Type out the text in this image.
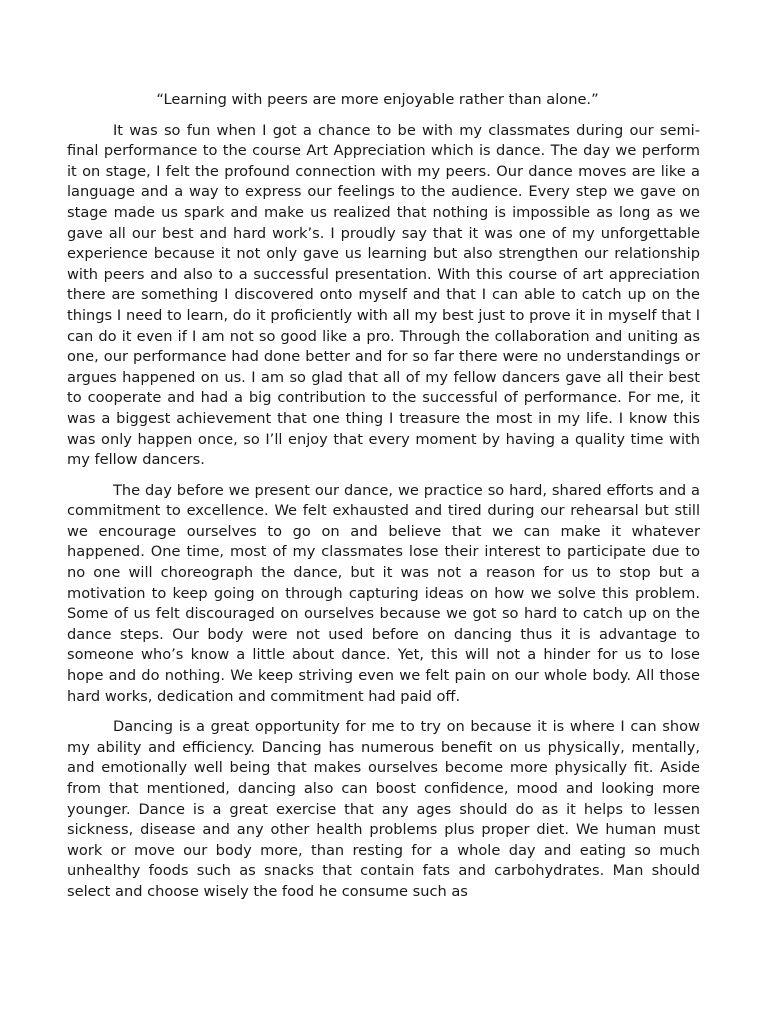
“Learning with peers are more enjoyable rather than alone.”

It was so fun when I got a chance to be with my classmates during our semi-final performance to the course Art Appreciation which is dance. The day we perform it on stage, I felt the profound connection with my peers. Our dance moves are like a language and a way to express our feelings to the audience. Every step we gave on stage made us spark and make us realized that nothing is impossible as long as we gave all our best and hard work’s. I proudly say that it was one of my unforgettable experience because it not only gave us learning but also strengthen our relationship with peers and also to a successful presentation. With this course of art appreciation there are something I discovered onto myself and that I can able to catch up on the things I need to learn, do it proficiently with all my best just to prove it in myself that I can do it even if I am not so good like a pro. Through the collaboration and uniting as one, our performance had done better and for so far there were no understandings or argues happened on us. I am so glad that all of my fellow dancers gave all their best to cooperate and had a big contribution to the successful of performance. For me, it was a biggest achievement that one thing I treasure the most in my life. I know this was only happen once, so I’ll enjoy that every moment by having a quality time with my fellow dancers.

The day before we present our dance, we practice so hard, shared efforts and a commitment to excellence. We felt exhausted and tired during our rehearsal but still we encourage ourselves to go on and believe that we can make it whatever happened. One time, most of my classmates lose their interest to participate due to no one will choreograph the dance, but it was not a reason for us to stop but a motivation to keep going on through capturing ideas on how we solve this problem. Some of us felt discouraged on ourselves because we got so hard to catch up on the dance steps. Our body were not used before on dancing thus it is advantage to someone who’s know a little about dance. Yet, this will not a hinder for us to lose hope and do nothing. We keep striving even we felt pain on our whole body. All those hard works, dedication and commitment had paid off.

Dancing is a great opportunity for me to try on because it is where I can show my ability and efficiency. Dancing has numerous benefit on us physically, mentally, and emotionally well being that makes ourselves become more physically fit. Aside from that mentioned, dancing also can boost confidence, mood and looking more younger. Dance is a great exercise that any ages should do as it helps to lessen sickness, disease and any other health problems plus proper diet. We human must work or move our body more, than resting for a whole day and eating so much unhealthy foods such as snacks that contain fats and carbohydrates. Man should select and choose wisely the food he consume such as
